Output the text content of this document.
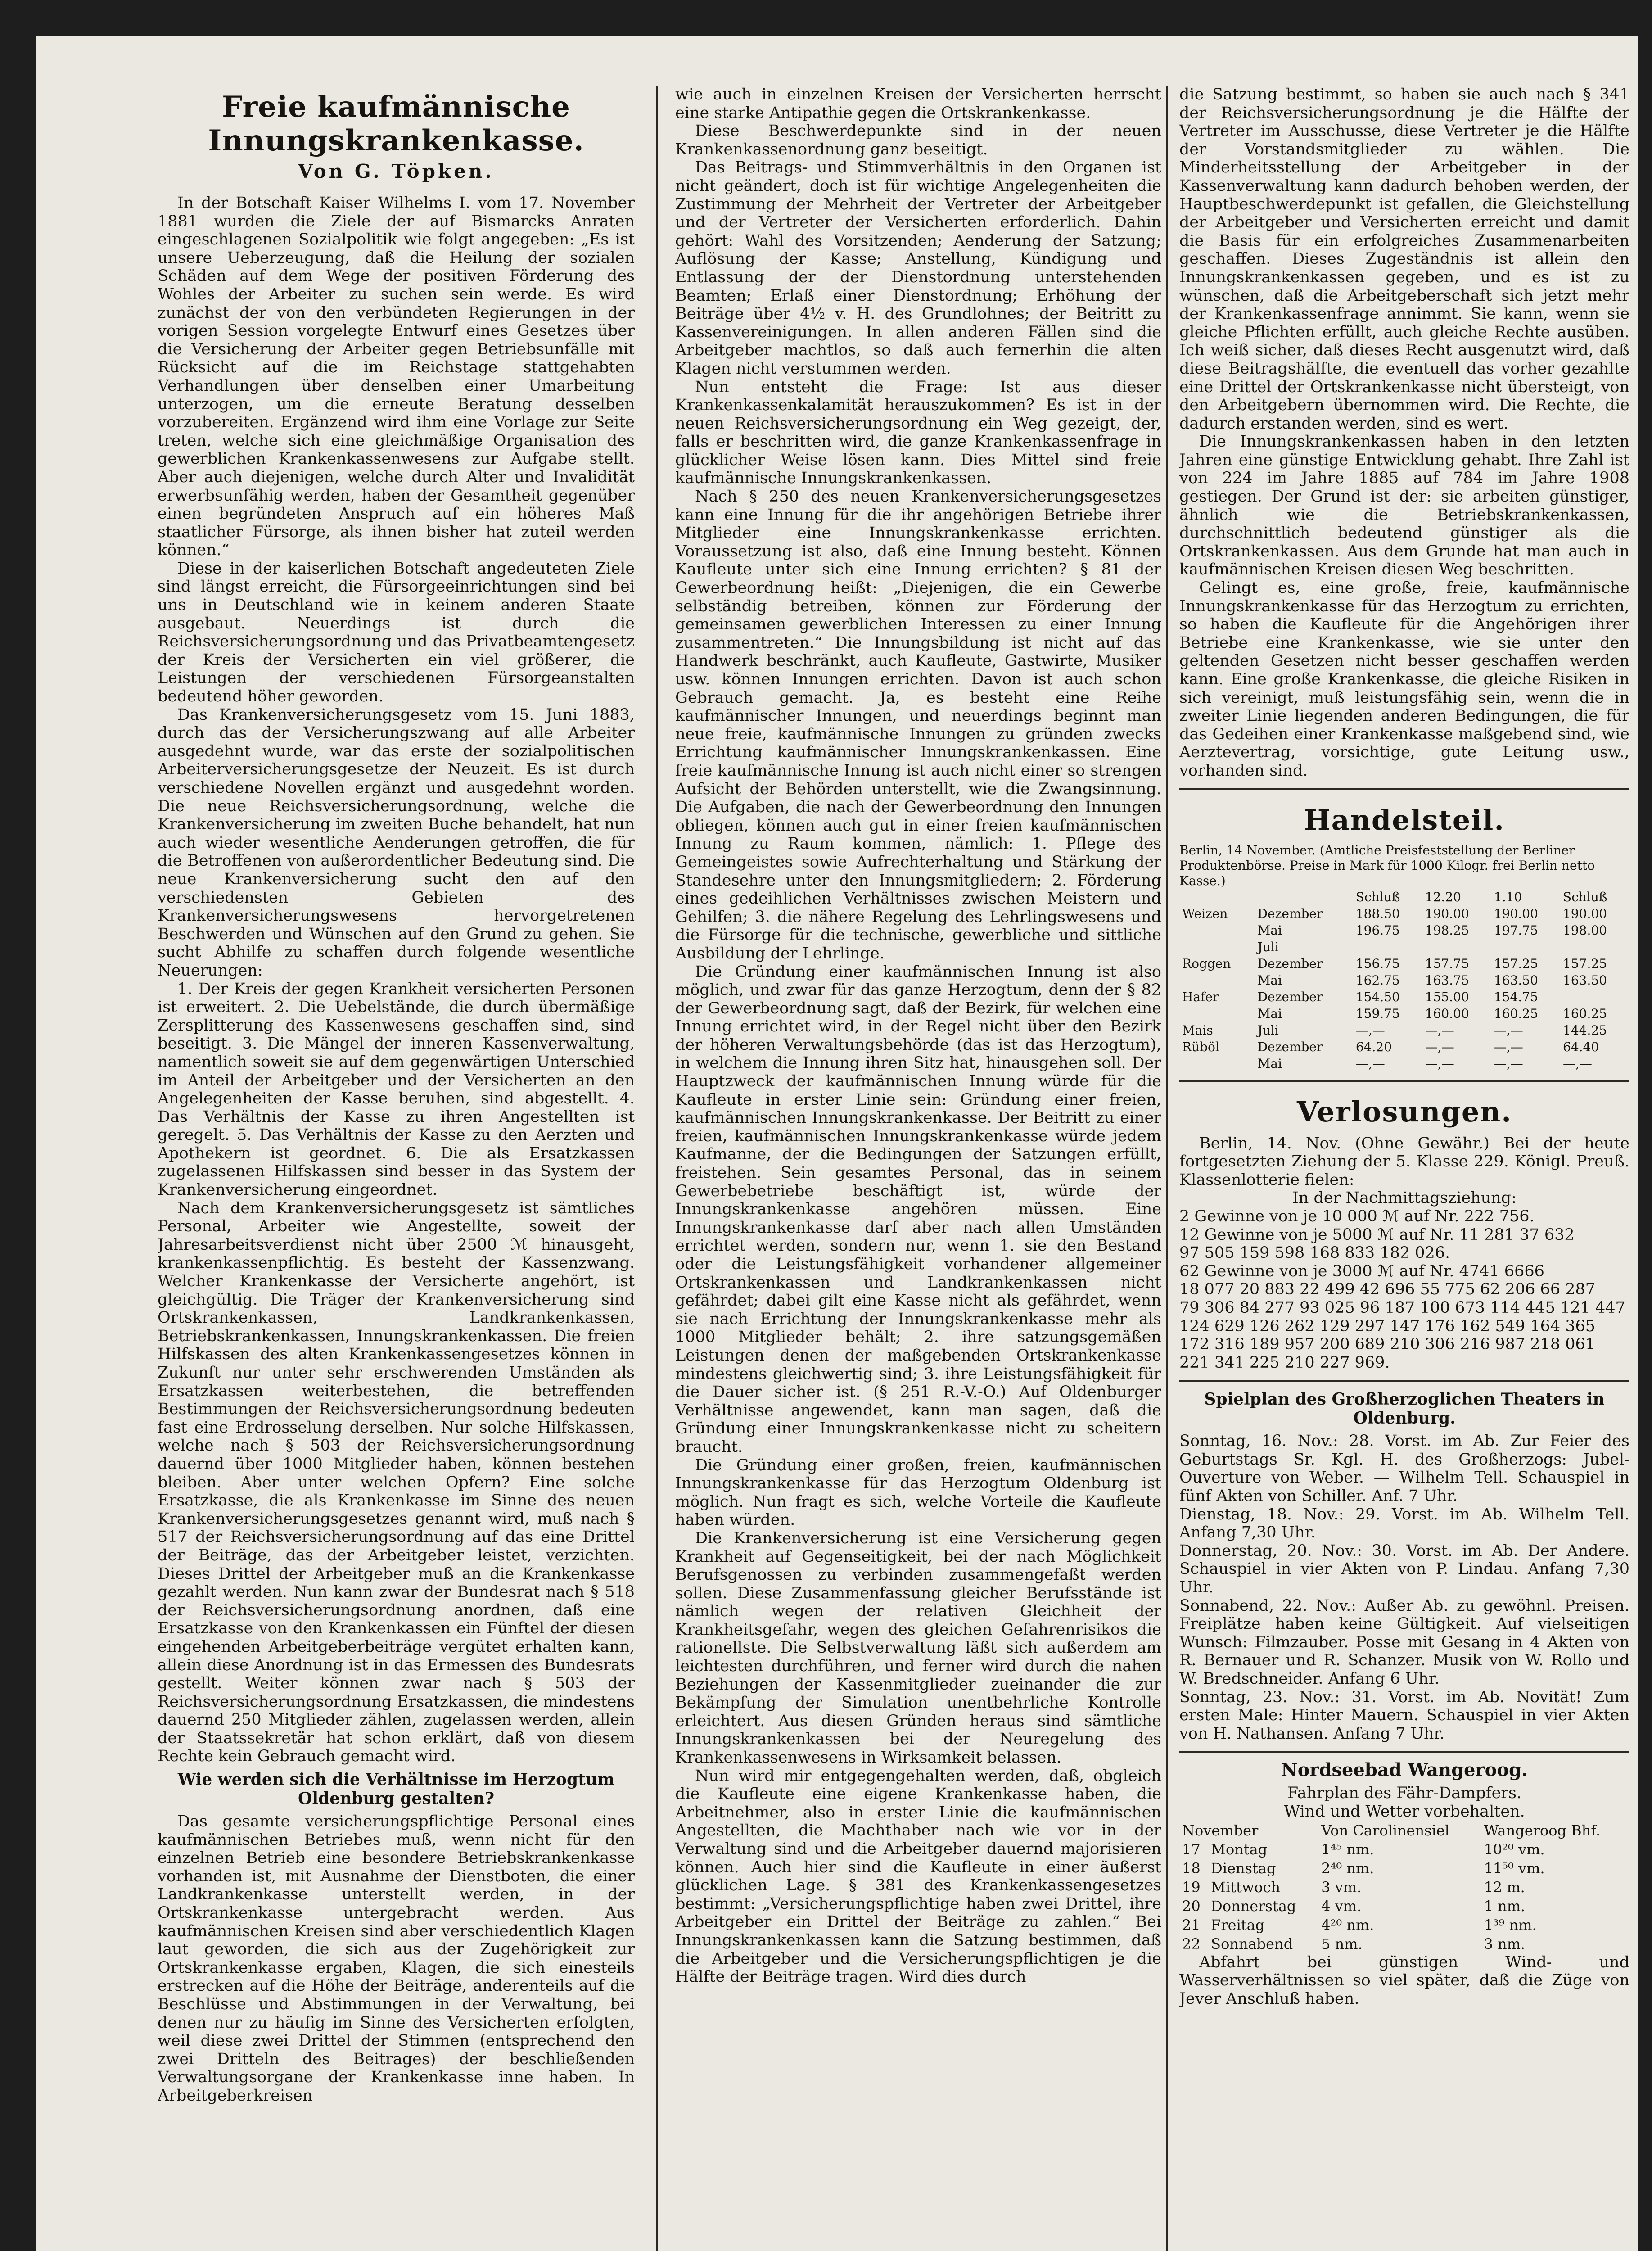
Freie kaufmännische Innungskrankenkasse.
Von G. Töpken.

In der Botschaft Kaiser Wilhelms I. vom 17. November 1881 wurden die Ziele der auf Bismarcks Anraten eingeschlagenen Sozialpolitik wie folgt angegeben: „Es ist unsere Ueberzeugung, daß die Heilung der sozialen Schäden auf dem Wege der positiven Förderung des Wohles der Arbeiter zu suchen sein werde. Es wird zunächst der von den verbündeten Regierungen in der vorigen Session vorgelegte Entwurf eines Gesetzes über die Versicherung der Arbeiter gegen Betriebsunfälle mit Rücksicht auf die im Reichstage stattgehabten Verhandlungen über denselben einer Umarbeitung unterzogen, um die erneute Beratung desselben vorzubereiten. Ergänzend wird ihm eine Vorlage zur Seite treten, welche sich eine gleichmäßige Organisation des gewerblichen Krankenkassenwesens zur Aufgabe stellt. Aber auch diejenigen, welche durch Alter und Invalidität erwerbsunfähig werden, haben der Gesamtheit gegenüber einen begründeten Anspruch auf ein höheres Maß staatlicher Fürsorge, als ihnen bisher hat zuteil werden können.“

Diese in der kaiserlichen Botschaft angedeuteten Ziele sind längst erreicht, die Fürsorgeeinrichtungen sind bei uns in Deutschland wie in keinem anderen Staate ausgebaut. Neuerdings ist durch die Reichsversicherungsordnung und das Privatbeamtengesetz der Kreis der Versicherten ein viel größerer, die Leistungen der verschiedenen Fürsorgeanstalten bedeutend höher geworden.

Das Krankenversicherungsgesetz vom 15. Juni 1883, durch das der Versicherungszwang auf alle Arbeiter ausgedehnt wurde, war das erste der sozialpolitischen Arbeiterversicherungsgesetze der Neuzeit. Es ist durch verschiedene Novellen ergänzt und ausgedehnt worden. Die neue Reichsversicherungsordnung, welche die Krankenversicherung im zweiten Buche behandelt, hat nun auch wieder wesentliche Aenderungen getroffen, die für die Betroffenen von außerordentlicher Bedeutung sind. Die neue Krankenversicherung sucht den auf den verschiedensten Gebieten des Krankenversicherungswesens hervorgetretenen Beschwerden und Wünschen auf den Grund zu gehen. Sie sucht Abhilfe zu schaffen durch folgende wesentliche Neuerungen:

1. Der Kreis der gegen Krankheit versicherten Personen ist erweitert. 2. Die Uebelstände, die durch übermäßige Zersplitterung des Kassenwesens geschaffen sind, sind beseitigt. 3. Die Mängel der inneren Kassenverwaltung, namentlich soweit sie auf dem gegenwärtigen Unterschied im Anteil der Arbeitgeber und der Versicherten an den Angelegenheiten der Kasse beruhen, sind abgestellt. 4. Das Verhältnis der Kasse zu ihren Angestellten ist geregelt. 5. Das Verhältnis der Kasse zu den Aerzten und Apothekern ist geordnet. 6. Die als Ersatzkassen zugelassenen Hilfskassen sind besser in das System der Krankenversicherung eingeordnet.

Nach dem Krankenversicherungsgesetz ist sämtliches Personal, Arbeiter wie Angestellte, soweit der Jahresarbeitsverdienst nicht über 2500 ℳ hinausgeht, krankenkassenpflichtig. Es besteht der Kassenzwang. Welcher Krankenkasse der Versicherte angehört, ist gleichgültig. Die Träger der Krankenversicherung sind Ortskrankenkassen, Landkrankenkassen, Betriebskrankenkassen, Innungskrankenkassen. Die freien Hilfskassen des alten Krankenkassengesetzes können in Zukunft nur unter sehr erschwerenden Umständen als Ersatzkassen weiterbestehen, die betreffenden Bestimmungen der Reichsversicherungsordnung bedeuten fast eine Erdrosselung derselben. Nur solche Hilfskassen, welche nach § 503 der Reichsversicherungsordnung dauernd über 1000 Mitglieder haben, können bestehen bleiben. Aber unter welchen Opfern? Eine solche Ersatzkasse, die als Krankenkasse im Sinne des neuen Krankenversicherungsgesetzes genannt wird, muß nach § 517 der Reichsversicherungsordnung auf das eine Drittel der Beiträge, das der Arbeitgeber leistet, verzichten. Dieses Drittel der Arbeitgeber muß an die Krankenkasse gezahlt werden. Nun kann zwar der Bundesrat nach § 518 der Reichsversicherungsordnung anordnen, daß eine Ersatzkasse von den Krankenkassen ein Fünftel der diesen eingehenden Arbeitgeberbeiträge vergütet erhalten kann, allein diese Anordnung ist in das Ermessen des Bundesrats gestellt. Weiter können zwar nach § 503 der Reichsversicherungsordnung Ersatzkassen, die mindestens dauernd 250 Mitglieder zählen, zugelassen werden, allein der Staatssekretär hat schon erklärt, daß von diesem Rechte kein Gebrauch gemacht wird.

Wie werden sich die Verhältnisse im Herzogtum Oldenburg gestalten?

Das gesamte versicherungspflichtige Personal eines kaufmännischen Betriebes muß, wenn nicht für den einzelnen Betrieb eine besondere Betriebskrankenkasse vorhanden ist, mit Ausnahme der Dienstboten, die einer Landkrankenkasse unterstellt werden, in der Ortskrankenkasse untergebracht werden. Aus kaufmännischen Kreisen sind aber verschiedentlich Klagen laut geworden, die sich aus der Zugehörigkeit zur Ortskrankenkasse ergaben, Klagen, die sich einesteils erstrecken auf die Höhe der Beiträge, anderenteils auf die Beschlüsse und Abstimmungen in der Verwaltung, bei denen nur zu häufig im Sinne des Versicherten erfolgten, weil diese zwei Drittel der Stimmen (entsprechend den zwei Dritteln des Beitrages) der beschließenden Verwaltungsorgane der Krankenkasse inne haben. In Arbeitgeberkreisen

wie auch in einzelnen Kreisen der Versicherten herrscht eine starke Antipathie gegen die Ortskrankenkasse.

Diese Beschwerdepunkte sind in der neuen Krankenkassenordnung ganz beseitigt.

Das Beitrags- und Stimmverhältnis in den Organen ist nicht geändert, doch ist für wichtige Angelegenheiten die Zustimmung der Mehrheit der Vertreter der Arbeitgeber und der Vertreter der Versicherten erforderlich. Dahin gehört: Wahl des Vorsitzenden; Aenderung der Satzung; Auflösung der Kasse; Anstellung, Kündigung und Entlassung der der Dienstordnung unterstehenden Beamten; Erlaß einer Dienstordnung; Erhöhung der Beiträge über 4½ v. H. des Grundlohnes; der Beitritt zu Kassenvereinigungen. In allen anderen Fällen sind die Arbeitgeber machtlos, so daß auch fernerhin die alten Klagen nicht verstummen werden.

Nun entsteht die Frage: Ist aus dieser Krankenkassenkalamität herauszukommen? Es ist in der neuen Reichsversicherungsordnung ein Weg gezeigt, der, falls er beschritten wird, die ganze Krankenkassenfrage in glücklicher Weise lösen kann. Dies Mittel sind freie kaufmännische Innungskrankenkassen.

Nach § 250 des neuen Krankenversicherungsgesetzes kann eine Innung für die ihr angehörigen Betriebe ihrer Mitglieder eine Innungskrankenkasse errichten. Voraussetzung ist also, daß eine Innung besteht. Können Kaufleute unter sich eine Innung errichten? § 81 der Gewerbeordnung heißt: „Diejenigen, die ein Gewerbe selbständig betreiben, können zur Förderung der gemeinsamen gewerblichen Interessen zu einer Innung zusammentreten.“ Die Innungsbildung ist nicht auf das Handwerk beschränkt, auch Kaufleute, Gastwirte, Musiker usw. können Innungen errichten. Davon ist auch schon Gebrauch gemacht. Ja, es besteht eine Reihe kaufmännischer Innungen, und neuerdings beginnt man neue freie, kaufmännische Innungen zu gründen zwecks Errichtung kaufmännischer Innungskrankenkassen. Eine freie kaufmännische Innung ist auch nicht einer so strengen Aufsicht der Behörden unterstellt, wie die Zwangsinnung. Die Aufgaben, die nach der Gewerbeordnung den Innungen obliegen, können auch gut in einer freien kaufmännischen Innung zu Raum kommen, nämlich: 1. Pflege des Gemeingeistes sowie Aufrechterhaltung und Stärkung der Standesehre unter den Innungsmitgliedern; 2. Förderung eines gedeihlichen Verhältnisses zwischen Meistern und Gehilfen; 3. die nähere Regelung des Lehrlingswesens und die Fürsorge für die technische, gewerbliche und sittliche Ausbildung der Lehrlinge.

Die Gründung einer kaufmännischen Innung ist also möglich, und zwar für das ganze Herzogtum, denn der § 82 der Gewerbeordnung sagt, daß der Bezirk, für welchen eine Innung errichtet wird, in der Regel nicht über den Bezirk der höheren Verwaltungsbehörde (das ist das Herzogtum), in welchem die Innung ihren Sitz hat, hinausgehen soll. Der Hauptzweck der kaufmännischen Innung würde für die Kaufleute in erster Linie sein: Gründung einer freien, kaufmännischen Innungskrankenkasse. Der Beitritt zu einer freien, kaufmännischen Innungskrankenkasse würde jedem Kaufmanne, der die Bedingungen der Satzungen erfüllt, freistehen. Sein gesamtes Personal, das in seinem Gewerbebetriebe beschäftigt ist, würde der Innungskrankenkasse angehören müssen. Eine Innungskrankenkasse darf aber nach allen Umständen errichtet werden, sondern nur, wenn 1. sie den Bestand oder die Leistungsfähigkeit vorhandener allgemeiner Ortskrankenkassen und Landkrankenkassen nicht gefährdet; dabei gilt eine Kasse nicht als gefährdet, wenn sie nach Errichtung der Innungskrankenkasse mehr als 1000 Mitglieder behält; 2. ihre satzungsgemäßen Leistungen denen der maßgebenden Ortskrankenkasse mindestens gleichwertig sind; 3. ihre Leistungsfähigkeit für die Dauer sicher ist. (§ 251 R.-V.-O.) Auf Oldenburger Verhältnisse angewendet, kann man sagen, daß die Gründung einer Innungskrankenkasse nicht zu scheitern braucht.

Die Gründung einer großen, freien, kaufmännischen Innungskrankenkasse für das Herzogtum Oldenburg ist möglich. Nun fragt es sich, welche Vorteile die Kaufleute haben würden.

Die Krankenversicherung ist eine Versicherung gegen Krankheit auf Gegenseitigkeit, bei der nach Möglichkeit Berufsgenossen zu verbinden zusammengefaßt werden sollen. Diese Zusammenfassung gleicher Berufsstände ist nämlich wegen der relativen Gleichheit der Krankheitsgefahr, wegen des gleichen Gefahrenrisikos die rationellste. Die Selbstverwaltung läßt sich außerdem am leichtesten durchführen, und ferner wird durch die nahen Beziehungen der Kassenmitglieder zueinander die zur Bekämpfung der Simulation unentbehrliche Kontrolle erleichtert. Aus diesen Gründen heraus sind sämtliche Innungskrankenkassen bei der Neuregelung des Krankenkassenwesens in Wirksamkeit belassen.

Nun wird mir entgegengehalten werden, daß, obgleich die Kaufleute eine eigene Krankenkasse haben, die Arbeitnehmer, also in erster Linie die kaufmännischen Angestellten, die Machthaber nach wie vor in der Verwaltung sind und die Arbeitgeber dauernd majorisieren können. Auch hier sind die Kaufleute in einer äußerst glücklichen Lage. § 381 des Krankenkassengesetzes bestimmt: „Versicherungspflichtige haben zwei Drittel, ihre Arbeitgeber ein Drittel der Beiträge zu zahlen.“ Bei Innungskrankenkassen kann die Satzung bestimmen, daß die Arbeitgeber und die Versicherungspflichtigen je die Hälfte der Beiträge tragen. Wird dies durch

die Satzung bestimmt, so haben sie auch nach § 341 der Reichsversicherungsordnung je die Hälfte der Vertreter im Ausschusse, diese Vertreter je die Hälfte der Vorstandsmitglieder zu wählen. Die Minderheitsstellung der Arbeitgeber in der Kassenverwaltung kann dadurch behoben werden, der Hauptbeschwerdepunkt ist gefallen, die Gleichstellung der Arbeitgeber und Versicherten erreicht und damit die Basis für ein erfolgreiches Zusammenarbeiten geschaffen. Dieses Zugeständnis ist allein den Innungskrankenkassen gegeben, und es ist zu wünschen, daß die Arbeitgeberschaft sich jetzt mehr der Krankenkassenfrage annimmt. Sie kann, wenn sie gleiche Pflichten erfüllt, auch gleiche Rechte ausüben. Ich weiß sicher, daß dieses Recht ausgenutzt wird, daß diese Beitragshälfte, die eventuell das vorher gezahlte eine Drittel der Ortskrankenkasse nicht übersteigt, von den Arbeitgebern übernommen wird. Die Rechte, die dadurch erstanden werden, sind es wert.

Die Innungskrankenkassen haben in den letzten Jahren eine günstige Entwicklung gehabt. Ihre Zahl ist von 224 im Jahre 1885 auf 784 im Jahre 1908 gestiegen. Der Grund ist der: sie arbeiten günstiger, ähnlich wie die Betriebskrankenkassen, durchschnittlich bedeutend günstiger als die Ortskrankenkassen. Aus dem Grunde hat man auch in kaufmännischen Kreisen diesen Weg beschritten.

Gelingt es, eine große, freie, kaufmännische Innungskrankenkasse für das Herzogtum zu errichten, so haben die Kaufleute für die Angehörigen ihrer Betriebe eine Krankenkasse, wie sie unter den geltenden Gesetzen nicht besser geschaffen werden kann. Eine große Krankenkasse, die gleiche Risiken in sich vereinigt, muß leistungsfähig sein, wenn die in zweiter Linie liegenden anderen Bedingungen, die für das Gedeihen einer Krankenkasse maßgebend sind, wie Aerztevertrag, vorsichtige, gute Leitung usw., vorhanden sind.

Handelsteil.
Berlin, 14 November. (Amtliche Preisfeststellung der Berliner Produktenbörse. Preise in Mark für 1000 Kilogr. frei Berlin netto Kasse.)
		Schluß	12.20	1.10	Schluß
Weizen	Dezember	188.50	190.00	190.00	190.00
	Mai	196.75	198.25	197.75	198.00
	Juli				
Roggen	Dezember	156.75	157.75	157.25	157.25
	Mai	162.75	163.75	163.50	163.50
Hafer	Dezember	154.50	155.00	154.75	
	Mai	159.75	160.00	160.25	160.25
Mais	Juli	—,—	—,—	—,—	144.25
Rüböl	Dezember	64.20	—,—	—,—	64.40
	Mai	—,—	—,—	—,—	—,—
Verlosungen.

Berlin, 14. Nov. (Ohne Gewähr.) Bei der heute fortgesetzten Ziehung der 5. Klasse 229. Königl. Preuß. Klassenlotterie fielen:

In der Nachmittagsziehung:
2 Gewinne von je 10 000 ℳ auf Nr. 222 756.
12 Gewinne von je 5000 ℳ auf Nr. 11 281 37 632
97 505 159 598 168 833 182 026.
62 Gewinne von je 3000 ℳ auf Nr. 4741 6666
18 077 20 883 22 499 42 696 55 775 62 206 66 287
79 306 84 277 93 025 96 187 100 673 114 445 121 447
124 629 126 262 129 297 147 176 162 549 164 365
172 316 189 957 200 689 210 306 216 987 218 061
221 341 225 210 227 969.
Spielplan des Großherzoglichen Theaters in Oldenburg.

Sonntag, 16. Nov.: 28. Vorst. im Ab. Zur Feier des Geburtstags Sr. Kgl. H. des Großherzogs: Jubel-Ouverture von Weber. — Wilhelm Tell. Schauspiel in fünf Akten von Schiller. Anf. 7 Uhr.

Dienstag, 18. Nov.: 29. Vorst. im Ab. Wilhelm Tell. Anfang 7,30 Uhr.

Donnerstag, 20. Nov.: 30. Vorst. im Ab. Der Andere. Schauspiel in vier Akten von P. Lindau. Anfang 7,30 Uhr.

Sonnabend, 22. Nov.: Außer Ab. zu gewöhnl. Preisen. Freiplätze haben keine Gültigkeit. Auf vielseitigen Wunsch: Filmzauber. Posse mit Gesang in 4 Akten von R. Bernauer und R. Schanzer. Musik von W. Rollo und W. Bredschneider. Anfang 6 Uhr.

Sonntag, 23. Nov.: 31. Vorst. im Ab. Novität! Zum ersten Male: Hinter Mauern. Schauspiel in vier Akten von H. Nathansen. Anfang 7 Uhr.

Nordseebad Wangeroog.
Fahrplan des Fähr-Dampfers.
Wind und Wetter vorbehalten.
November		Von Carolinensiel	Wangeroog Bhf.
17	Montag	1⁴⁵ nm.	10²⁰ vm.
18	Dienstag	2⁴⁰ nm.	11⁵⁰ vm.
19	Mittwoch	3 vm.	12 m.
20	Donnerstag	4 vm.	1 nm.
21	Freitag	4²⁰ nm.	1³⁹ nm.
22	Sonnabend	5 nm.	3 nm.

Abfahrt bei günstigen Wind- und Wasserverhältnissen so viel später, daß die Züge von Jever Anschluß haben.
